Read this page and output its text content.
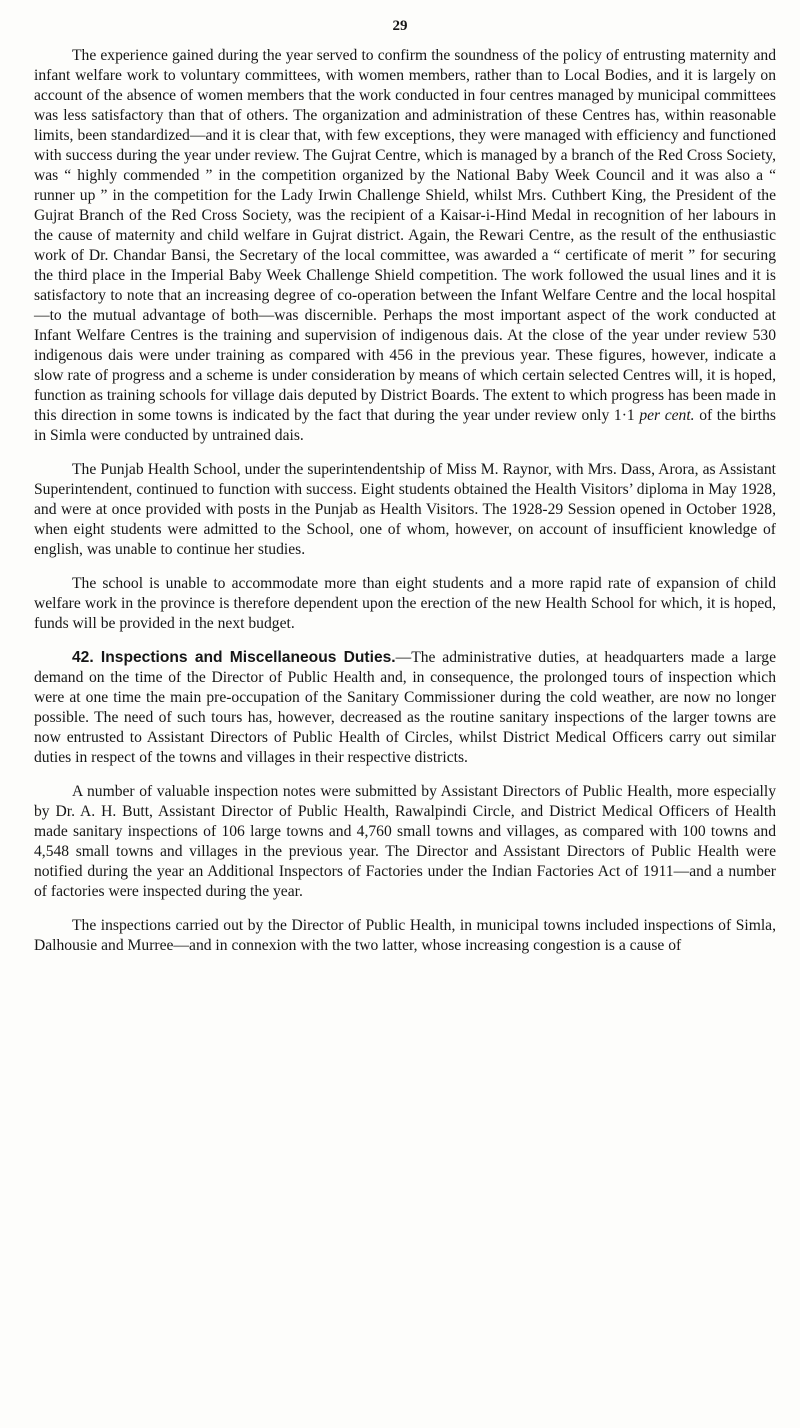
29

The experience gained during the year served to confirm the soundness of the policy of entrusting maternity and infant welfare work to voluntary committees, with women members, rather than to Local Bodies, and it is largely on account of the absence of women members that the work conducted in four centres managed by municipal committees was less satisfactory than that of others. The organization and administration of these Centres has, within reasonable limits, been standardized—and it is clear that, with few exceptions, they were managed with efficiency and functioned with success during the year under review. The Gujrat Centre, which is managed by a branch of the Red Cross Society, was “ highly commended ” in the competition organized by the National Baby Week Council and it was also a “ runner up ” in the competition for the Lady Irwin Challenge Shield, whilst Mrs. Cuthbert King, the President of the Gujrat Branch of the Red Cross Society, was the recipient of a Kaisar-i-Hind Medal in recognition of her labours in the cause of maternity and child welfare in Gujrat district. Again, the Rewari Centre, as the result of the enthusiastic work of Dr. Chandar Bansi, the Secretary of the local committee, was awarded a “ certificate of merit ” for securing the third place in the Imperial Baby Week Challenge Shield competition. The work followed the usual lines and it is satisfactory to note that an increasing degree of co-operation between the Infant Welfare Centre and the local hospital—to the mutual advantage of both—was discernible. Perhaps the most important aspect of the work conducted at Infant Welfare Centres is the training and supervision of indigenous dais. At the close of the year under review 530 indigenous dais were under training as compared with 456 in the previous year. These figures, however, indicate a slow rate of progress and a scheme is under consideration by means of which certain selected Centres will, it is hoped, function as training schools for village dais deputed by District Boards. The extent to which progress has been made in this direction in some towns is indicated by the fact that during the year under review only 1·1 per cent. of the births in Simla were conducted by untrained dais.

The Punjab Health School, under the superintendentship of Miss M. Raynor, with Mrs. Dass, Arora, as Assistant Superintendent, continued to function with success. Eight students obtained the Health Visitors’ diploma in May 1928, and were at once provided with posts in the Punjab as Health Visitors. The 1928-29 Session opened in October 1928, when eight students were admitted to the School, one of whom, however, on account of insufficient knowledge of english, was unable to continue her studies.

The school is unable to accommodate more than eight students and a more rapid rate of expansion of child welfare work in the province is therefore dependent upon the erection of the new Health School for which, it is hoped, funds will be provided in the next budget.

42. Inspections and Miscellaneous Duties.—The administrative duties, at headquarters made a large demand on the time of the Director of Public Health and, in consequence, the prolonged tours of inspection which were at one time the main pre-occupation of the Sanitary Commissioner during the cold weather, are now no longer possible. The need of such tours has, however, decreased as the routine sanitary inspections of the larger towns are now entrusted to Assistant Directors of Public Health of Circles, whilst District Medical Officers carry out similar duties in respect of the towns and villages in their respective districts.

A number of valuable inspection notes were submitted by Assistant Directors of Public Health, more especially by Dr. A. H. Butt, Assistant Director of Public Health, Rawalpindi Circle, and District Medical Officers of Health made sanitary inspections of 106 large towns and 4,760 small towns and villages, as compared with 100 towns and 4,548 small towns and villages in the previous year. The Director and Assistant Directors of Public Health were notified during the year an Additional Inspectors of Factories under the Indian Factories Act of 1911—and a number of factories were inspected during the year.

The inspections carried out by the Director of Public Health, in municipal towns included inspections of Simla, Dalhousie and Murree—and in connexion with the two latter, whose increasing congestion is a cause of
